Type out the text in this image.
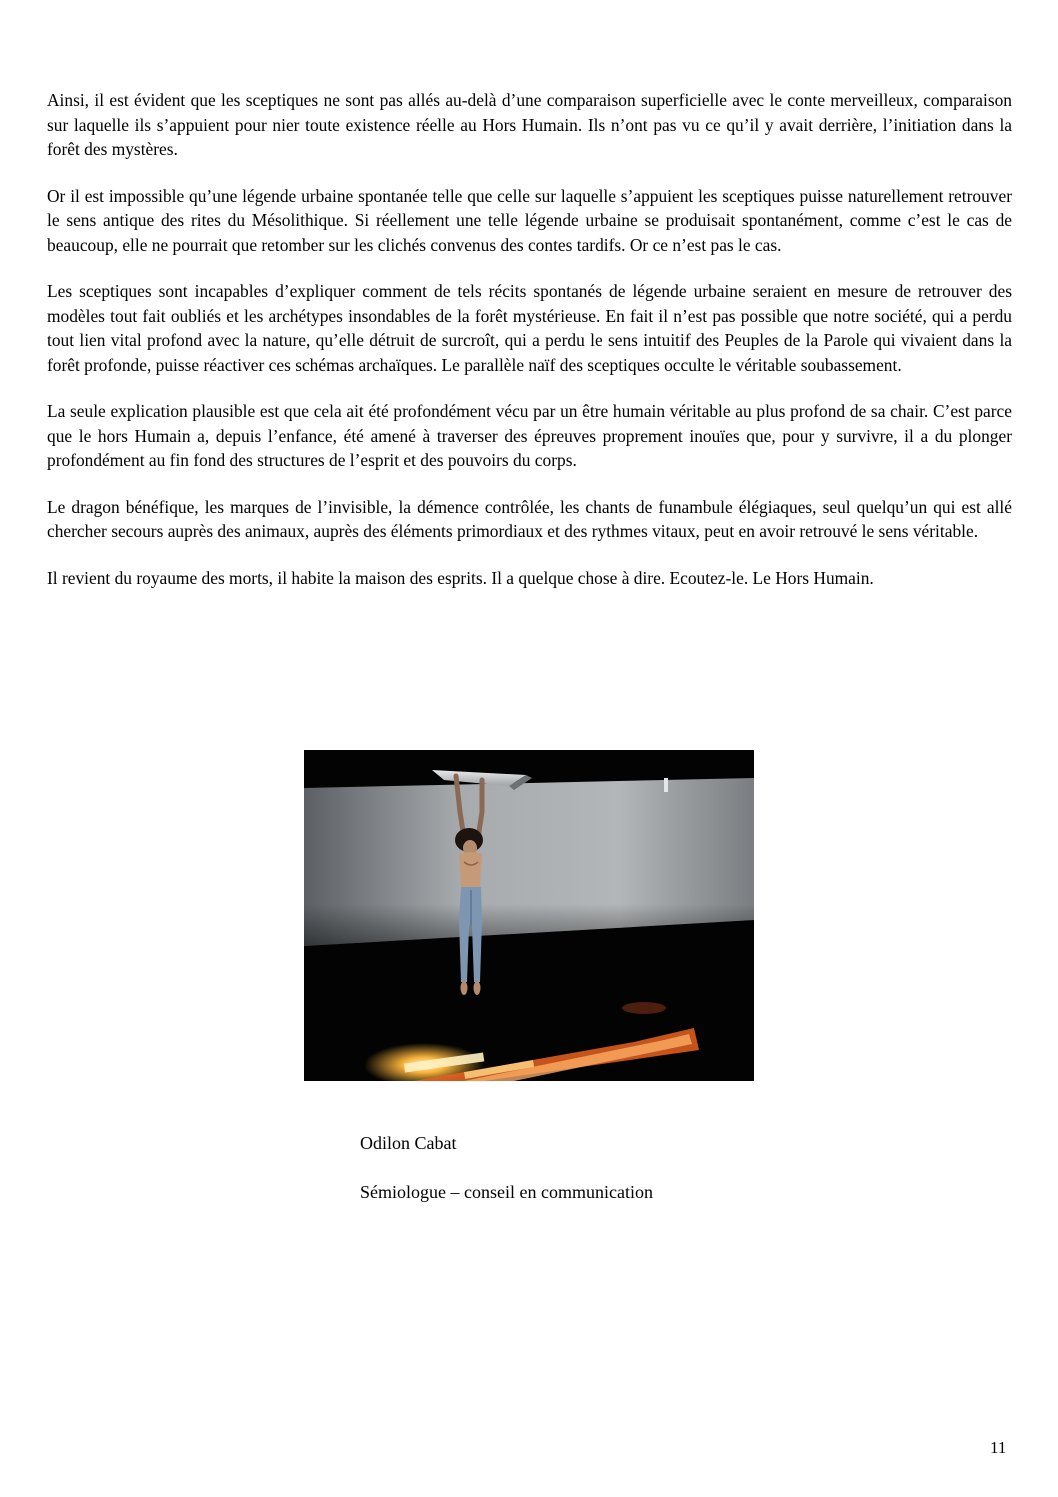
Ainsi, il est évident que les sceptiques ne sont pas allés au-delà d’une comparaison superficielle avec le conte merveilleux, comparaison sur laquelle ils s’appuient pour nier toute existence réelle au Hors Humain. Ils n’ont pas vu ce qu’il y avait derrière, l’initiation dans la forêt des mystères.

Or il est impossible qu’une légende urbaine spontanée telle que celle sur laquelle s’appuient les sceptiques puisse naturellement retrouver le sens antique des rites du Mésolithique. Si réellement une telle légende urbaine se produisait spontanément, comme c’est le cas de beaucoup, elle ne pourrait que retomber sur les clichés convenus des contes tardifs. Or ce n’est pas le cas.

Les sceptiques sont incapables d’expliquer comment de tels récits spontanés de légende urbaine seraient en mesure de retrouver des modèles tout fait oubliés et les archétypes insondables de la forêt mystérieuse. En fait il n’est pas possible que notre société, qui a perdu tout lien vital profond avec la nature, qu’elle détruit de surcroît, qui a perdu le sens intuitif des Peuples de la Parole qui vivaient dans la forêt profonde, puisse réactiver ces schémas archaïques. Le parallèle naïf des sceptiques occulte le véritable soubassement.

La seule explication plausible est que cela ait été profondément vécu par un être humain véritable au plus profond de sa chair. C’est parce que le hors Humain a, depuis l’enfance, été amené à traverser des épreuves proprement inouïes que, pour y survivre, il a du plonger profondément au fin fond des structures de l’esprit et des pouvoirs du corps.

Le dragon bénéfique, les marques de l’invisible, la démence contrôlée, les chants de funambule élégiaques, seul quelqu’un qui est allé chercher secours auprès des animaux, auprès des éléments primordiaux et des rythmes vitaux, peut en avoir retrouvé le sens véritable.

Il revient du royaume des morts, il habite la maison des esprits. Il a quelque chose à dire. Ecoutez-le. Le Hors Humain.

Odilon Cabat

Sémiologue – conseil en communication

11
